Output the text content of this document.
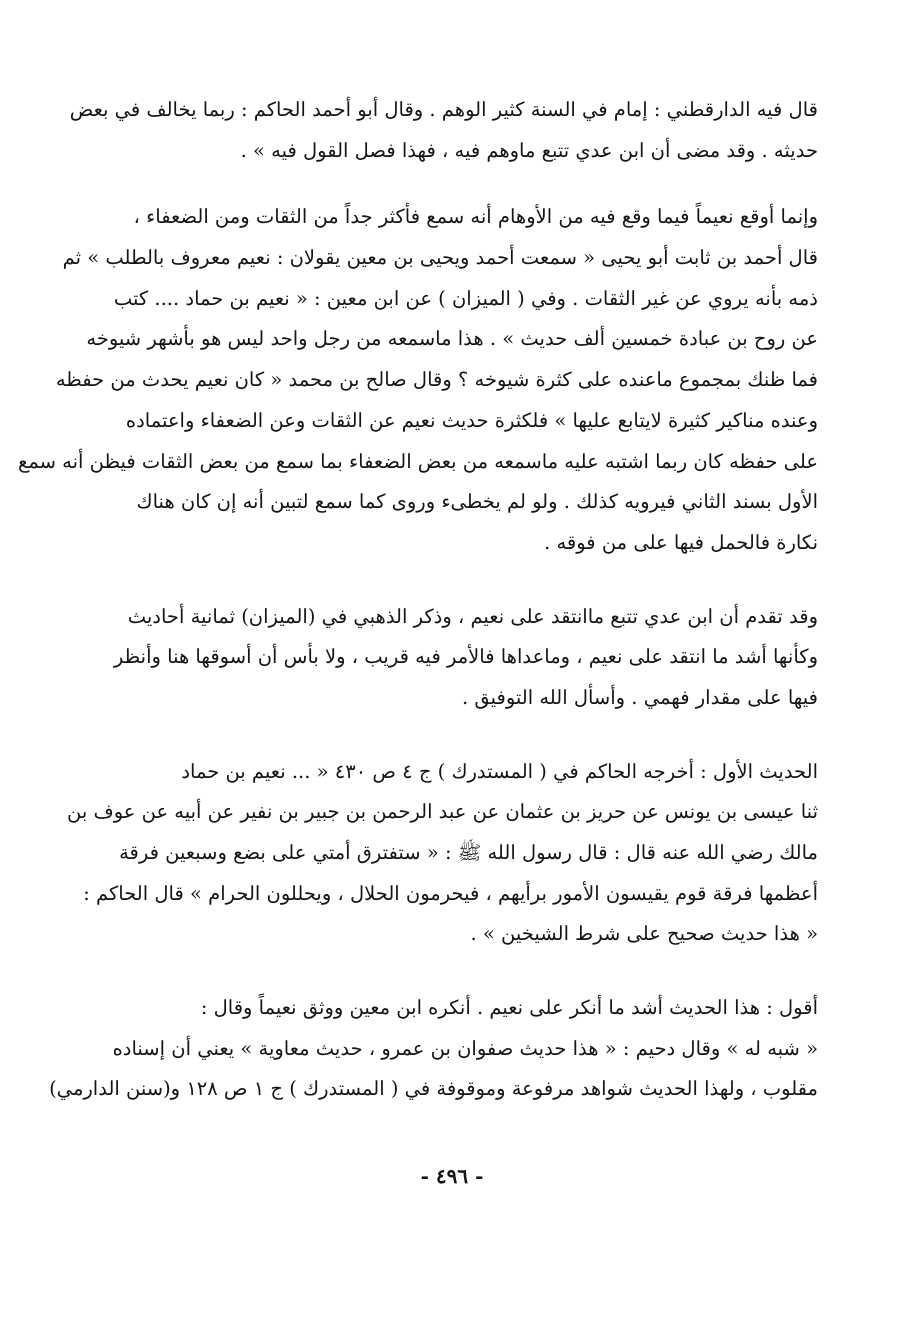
قال فيه الدارقطني : إمام في السنة كثير الوهم . وقال أبو أحمد الحاكم : ربما يخالف في بعض
حديثه . وقد مضى أن ابن عدي تتبع ماوهم فيه ، فهذا فصل القول فيه » .
وإنما أوقع نعيماً فيما وقع فيه من الأوهام أنه سمع فأكثر جداً من الثقات ومن الضعفاء ،
قال أحمد بن ثابت أبو يحيى « سمعت أحمد ويحيى بن معين يقولان : نعيم معروف بالطلب » ثم
ذمه بأنه يروي عن غير الثقات . وفي ( الميزان ) عن ابن معين : « نعيم بن حماد .... كتب
عن روح بن عبادة خمسين ألف حديث » . هذا ماسمعه من رجل واحد ليس هو بأشهر شيوخه
فما ظنك بمجموع ماعنده على كثرة شيوخه ؟ وقال صالح بن محمد « كان نعيم يحدث من حفظه
وعنده مناكير كثيرة لايتابع عليها » فلكثرة حديث نعيم عن الثقات وعن الضعفاء واعتماده
على حفظه كان ربما اشتبه عليه ماسمعه من بعض الضعفاء بما سمع من بعض الثقات فيظن أنه سمع
الأول بسند الثاني فيرويه كذلك . ولو لم يخطىء وروى كما سمع لتبين أنه إن كان هناك
نكارة فالحمل فيها على من فوقه .
وقد تقدم أن ابن عدي تتبع ماانتقد على نعيم ، وذكر الذهبي في (الميزان) ثمانية أحاديث
وكأنها أشد ما انتقد على نعيم ، وماعداها فالأمر فيه قريب ، ولا بأس أن أسوقها هنا وأنظر
فيها على مقدار فهمي . وأسأل الله التوفيق .
الحديث الأول : أخرجه الحاكم في ( المستدرك ) ج ٤ ص ٤٣٠ « ... نعيم بن حماد
ثنا عيسى بن يونس عن حريز بن عثمان عن عبد الرحمن بن جبير بن نفير عن أبيه عن عوف بن
مالك رضي الله عنه قال : قال رسول الله ﷺ : « ستفترق أمتي على بضع وسبعين فرقة
أعظمها فرقة قوم يقيسون الأمور برأيهم ، فيحرمون الحلال ، ويحللون الحرام » قال الحاكم :
« هذا حديث صحيح على شرط الشيخين » .
أقول : هذا الحديث أشد ما أنكر على نعيم . أنكره ابن معين ووثق نعيماً وقال :
« شبه له » وقال دحيم : « هذا حديث صفوان بن عمرو ، حديث معاوية » يعني أن إسناده
مقلوب ، ولهذا الحديث شواهد مرفوعة وموقوفة في ( المستدرك ) ج ١ ص ١٢٨ و(سنن الدارمي)
- ٤٩٦ -
